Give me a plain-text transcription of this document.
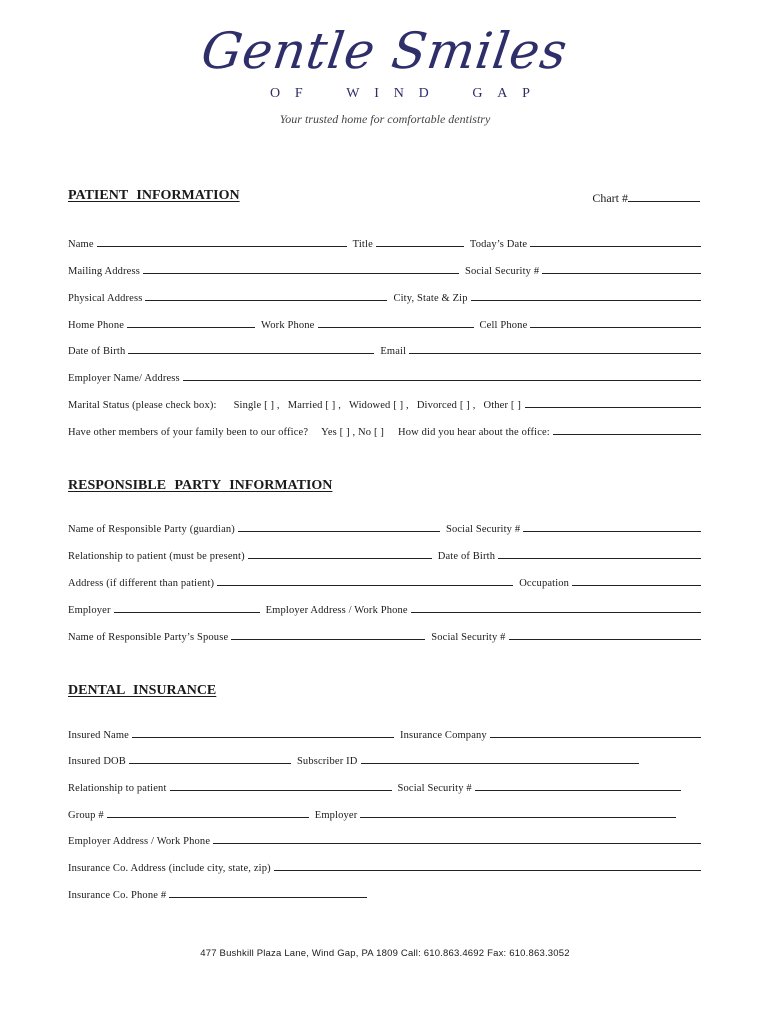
Gentle Smiles
O F	W I N D	G A P
Your trusted home for comfortable dentistry
PATIENT INFORMATION	Chart #
Name	Title	Today’s Date
Mailing Address	Social Security #
Physical Address	City, State & Zip
Home Phone	Work Phone	Cell Phone
Date of Birth	Email
Employer Name/ Address
Marital Status (please check box):	Single [ ] , Married [ ] , Widowed [ ] , Divorced [ ] , Other [ ]
Have other members of your family been to our office?	Yes [ ] , No [ ]	How did you hear about the office:
RESPONSIBLE PARTY INFORMATION
Name of Responsible Party (guardian)	Social Security #
Relationship to patient (must be present)	Date of Birth
Address (if different than patient)	Occupation
Employer	Employer Address / Work Phone
Name of Responsible Party’s Spouse	Social Security #
DENTAL INSURANCE
Insured Name	Insurance Company
Insured DOB	Subscriber ID
Relationship to patient	Social Security #
Group #	Employer
Employer Address / Work Phone
Insurance Co. Address (include city, state, zip)
Insurance Co. Phone #
477 Bushkill Plaza Lane, Wind Gap, PA 1809 Call: 610.863.4692 Fax: 610.863.3052
